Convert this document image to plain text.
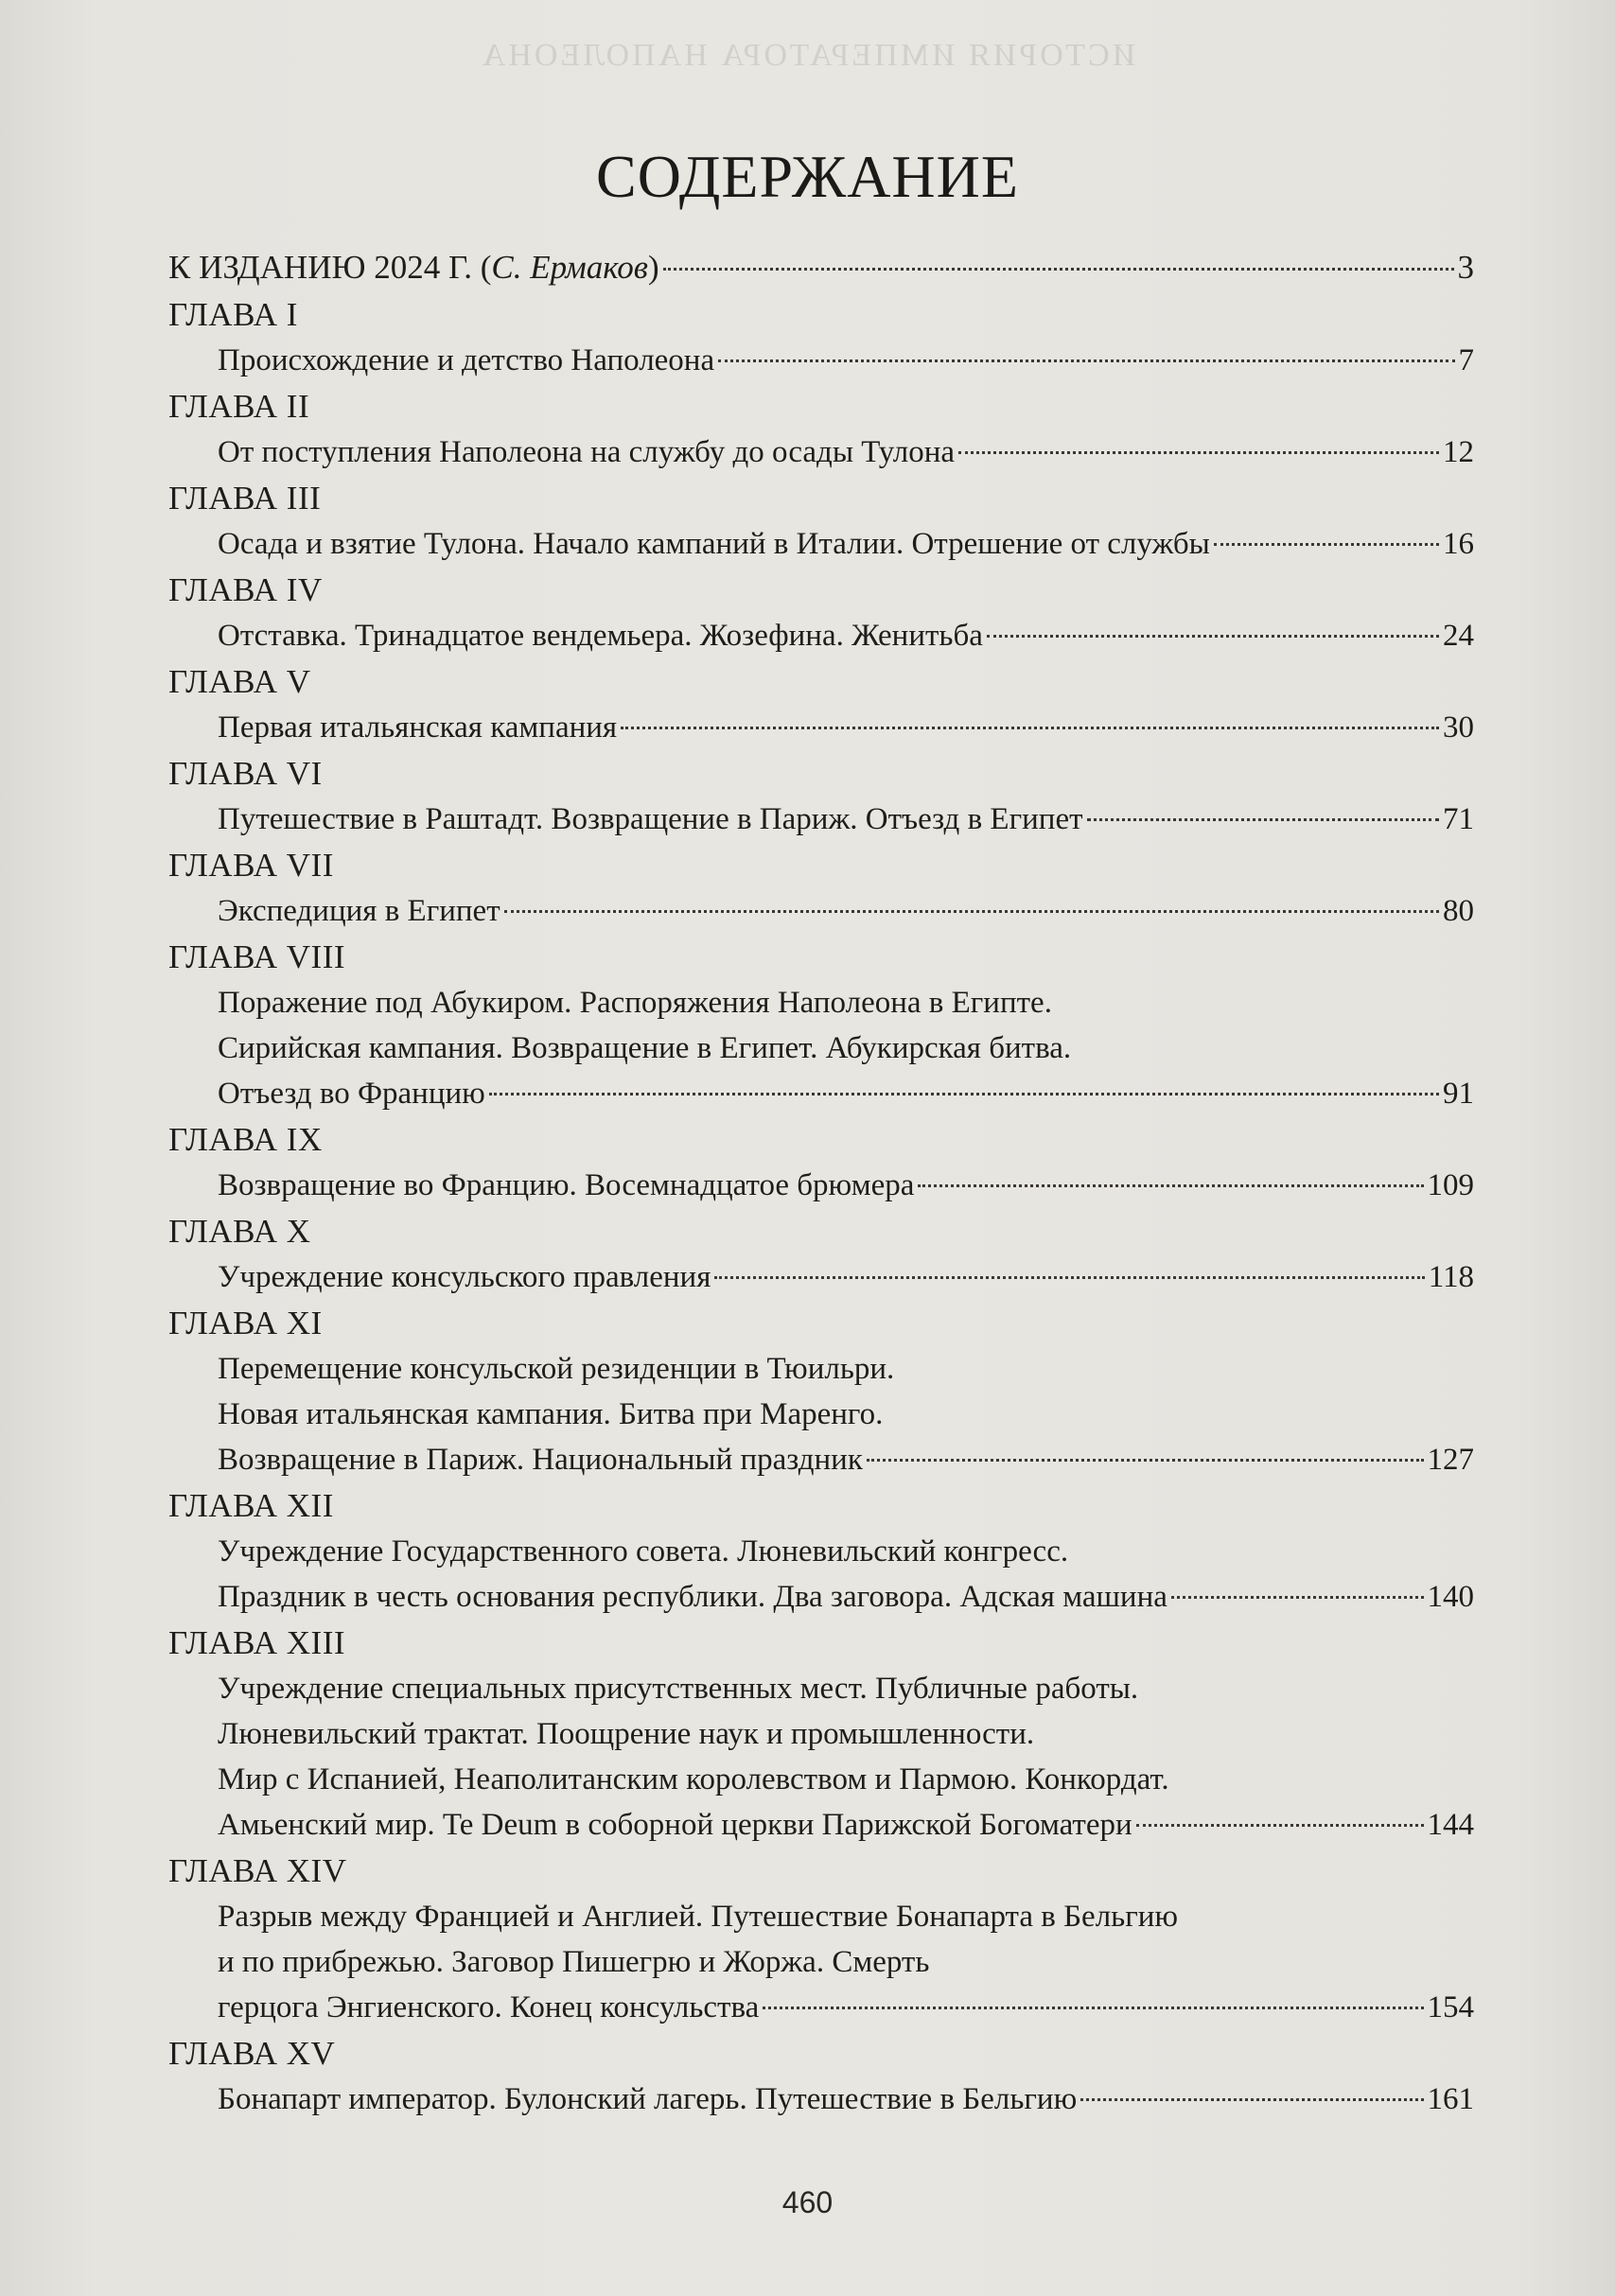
ИСТОРИЯ ИМПЕРАТОРА НАПОЛЕОНА
СОДЕРЖАНИЕ
К ИЗДАНИЮ 2024 Г. (С. Ермаков)	3
ГЛАВА I
Происхождение и детство Наполеона	7
ГЛАВА II
От поступления Наполеона на службу до осады Тулона	12
ГЛАВА III
Осада и взятие Тулона. Начало кампаний в Италии. Отрешение от службы	16
ГЛАВА IV
Отставка. Тринадцатое вендемьера. Жозефина. Женитьба	24
ГЛАВА V
Первая итальянская кампания	30
ГЛАВА VI
Путешествие в Раштадт. Возвращение в Париж. Отъезд в Египет	71
ГЛАВА VII
Экспедиция в Египет	80
ГЛАВА VIII
Поражение под Абукиром. Распоряжения Наполеона в Египте.
Сирийская кампания. Возвращение в Египет. Абукирская битва.
Отъезд во Францию	91
ГЛАВА IX
Возвращение во Францию. Восемнадцатое брюмера	109
ГЛАВА X
Учреждение консульского правления	118
ГЛАВА XI
Перемещение консульской резиденции в Тюильри.
Новая итальянская кампания. Битва при Маренго.
Возвращение в Париж. Национальный праздник	127
ГЛАВА XII
Учреждение Государственного совета. Люневильский конгресс.
Праздник в честь основания республики. Два заговора. Адская машина	140
ГЛАВА XIII
Учреждение специальных присутственных мест. Публичные работы.
Люневильский трактат. Поощрение наук и промышленности.
Мир с Испанией, Неаполитанским королевством и Пармою. Конкордат.
Амьенский мир. Te Deum в соборной церкви Парижской Богоматери	144
ГЛАВА XIV
Разрыв между Францией и Англией. Путешествие Бонапарта в Бельгию
и по прибрежью. Заговор Пишегрю и Жоржа. Смерть
герцога Энгиенского. Конец консульства	154
ГЛАВА XV
Бонапарт император. Булонский лагерь. Путешествие в Бельгию	161
460
